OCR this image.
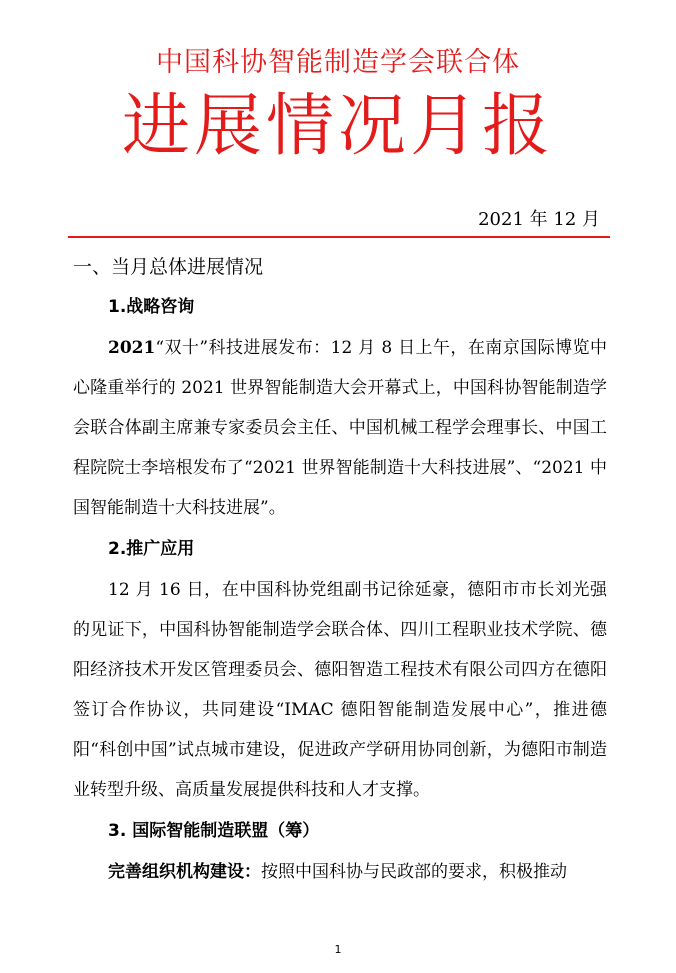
中国科协智能制造学会联合体
进展情况月报
2021 年 12 月

一、当月总体进展情况

1.战略咨询

2021“双十”科技进展发布：12 月 8 日上午，在南京国际博览中心隆重举行的 2021 世界智能制造大会开幕式上，中国科协智能制造学会联合体副主席兼专家委员会主任、中国机械工程学会理事长、中国工程院院士李培根发布了“2021 世界智能制造十大科技进展”、“2021 中国智能制造十大科技进展”。

2.推广应用

12 月 16 日，在中国科协党组副书记徐延豪，德阳市市长刘光强的见证下，中国科协智能制造学会联合体、四川工程职业技术学院、德阳经济技术开发区管理委员会、德阳智造工程技术有限公司四方在德阳签订合作协议，共同建设“IMAC 德阳智能制造发展中心”，推进德阳“科创中国”试点城市建设，促进政产学研用协同创新，为德阳市制造业转型升级、高质量发展提供科技和人才支撑。

3. 国际智能制造联盟（筹）

完善组织机构建设：按照中国科协与民政部的要求，积极推动

1
